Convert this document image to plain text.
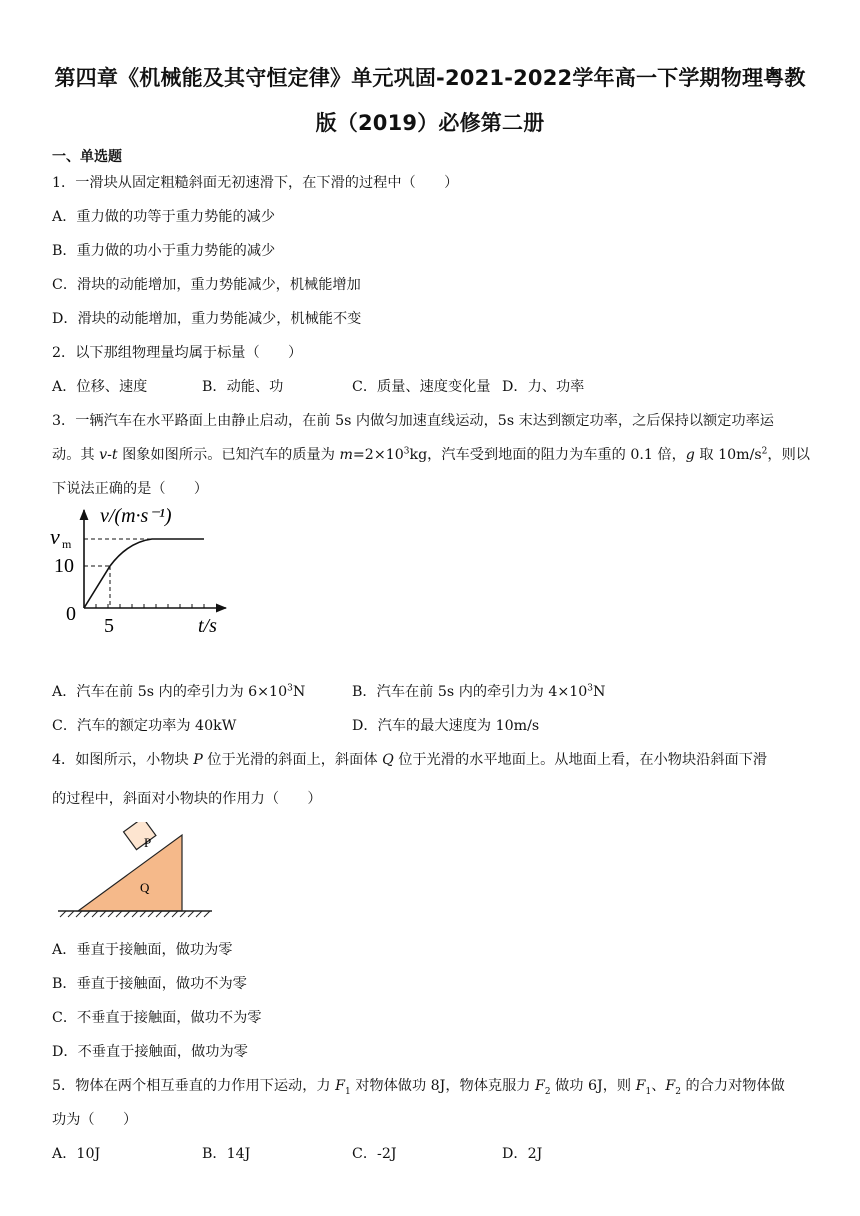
第四章《机械能及其守恒定律》单元巩固-2021-2022学年高一下学期物理粤教
版（2019）必修第二册
一、单选题
1．一滑块从固定粗糙斜面无初速滑下，在下滑的过程中（　　）
A．重力做的功等于重力势能的减少
B．重力做的功小于重力势能的减少
C．滑块的动能增加，重力势能减少，机械能增加
D．滑块的动能增加，重力势能减少，机械能不变
2．以下那组物理量均属于标量（　　）
A．位移、速度	B．动能、功	C．质量、速度变化量 D．力、功率
3．一辆汽车在水平路面上由静止启动，在前 5s 内做匀加速直线运动，5s 末达到额定功率，之后保持以额定功率运
动。其 v-t 图象如图所示。已知汽车的质量为 $m=2\times 10^3kg$，汽车受到地面的阻力为车重的 0.1 倍，g 取 $10m/s^2$，则以
下说法正确的是（　　）
v/(m·s⁻¹)
v m
10
0
5	t/s
A．汽车在前 5s 内的牵引力为 $6\times 10^3N$	B．汽车在前 5s 内的牵引力为 $4\times 10^3N$
C．汽车的额定功率为 40kW	D．汽车的最大速度为 10m/s
4．如图所示，小物块 P 位于光滑的斜面上，斜面体 Q 位于光滑的水平地面上。从地面上看，在小物块沿斜面下滑
的过程中，斜面对小物块的作用力（　　）
P
Q
A．垂直于接触面，做功为零
B．垂直于接触面，做功不为零
C．不垂直于接触面，做功不为零
D．不垂直于接触面，做功为零
5．物体在两个相互垂直的力作用下运动，力 $F_1$ 对物体做功 8J，物体克服力 $F_2$ 做功 6J，则 $F_1$、$F_2$ 的合力对物体做
功为（　　）
A．10J	B．14J	C．-2J	D．2J
